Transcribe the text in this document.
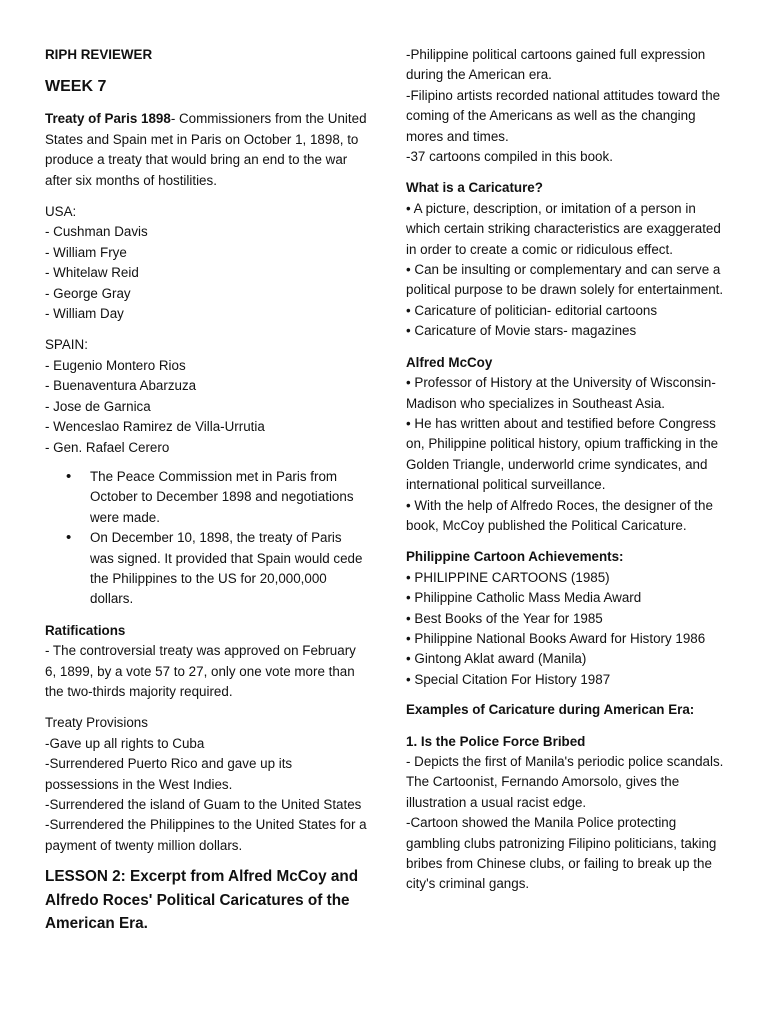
RIPH REVIEWER

WEEK 7

Treaty of Paris 1898- Commissioners from the United States and Spain met in Paris on October 1, 1898, to produce a treaty that would bring an end to the war after six months of hostilities.

USA:
- Cushman Davis
- William Frye
- Whitelaw Reid
- George Gray
- William Day
SPAIN:
- Eugenio Montero Rios
- Buenaventura Abarzuza
- Jose de Garnica
- Wenceslao Ramirez de Villa-Urrutia
- Gen. Rafael Cerero
• The Peace Commission met in Paris from October to December 1898 and negotiations were made.
• On December 10, 1898, the treaty of Paris was signed. It provided that Spain would cede the Philippines to the US for 20,000,000 dollars.
Ratifications
- The controversial treaty was approved on February 6, 1899, by a vote 57 to 27, only one vote more than the two-thirds majority required.
Treaty Provisions
-Gave up all rights to Cuba
-Surrendered Puerto Rico and gave up its possessions in the West Indies.
-Surrendered the island of Guam to the United States
-Surrendered the Philippines to the United States for a payment of twenty million dollars.

LESSON 2: Excerpt from Alfred McCoy and Alfredo Roces' Political Caricatures of the American Era.

-Philippine political cartoons gained full expression during the American era.
-Filipino artists recorded national attitudes toward the coming of the Americans as well as the changing mores and times.
-37 cartoons compiled in this book.
What is a Caricature?
• A picture, description, or imitation of a person in which certain striking characteristics are exaggerated in order to create a comic or ridiculous effect.
• Can be insulting or complementary and can serve a political purpose to be drawn solely for entertainment.
• Caricature of politician- editorial cartoons
• Caricature of Movie stars- magazines
Alfred McCoy
• Professor of History at the University of Wisconsin-Madison who specializes in Southeast Asia.
• He has written about and testified before Congress on, Philippine political history, opium trafficking in the Golden Triangle, underworld crime syndicates, and international political surveillance.
• With the help of Alfredo Roces, the designer of the book, McCoy published the Political Caricature.
Philippine Cartoon Achievements:
• PHILIPPINE CARTOONS (1985)
• Philippine Catholic Mass Media Award
• Best Books of the Year for 1985
• Philippine National Books Award for History 1986
• Gintong Aklat award (Manila)
• Special Citation For History 1987

Examples of Caricature during American Era:

1. Is the Police Force Bribed
- Depicts the first of Manila's periodic police scandals. The Cartoonist, Fernando Amorsolo, gives the illustration a usual racist edge.
-Cartoon showed the Manila Police protecting gambling clubs patronizing Filipino politicians, taking bribes from Chinese clubs, or failing to break up the city's criminal gangs.
